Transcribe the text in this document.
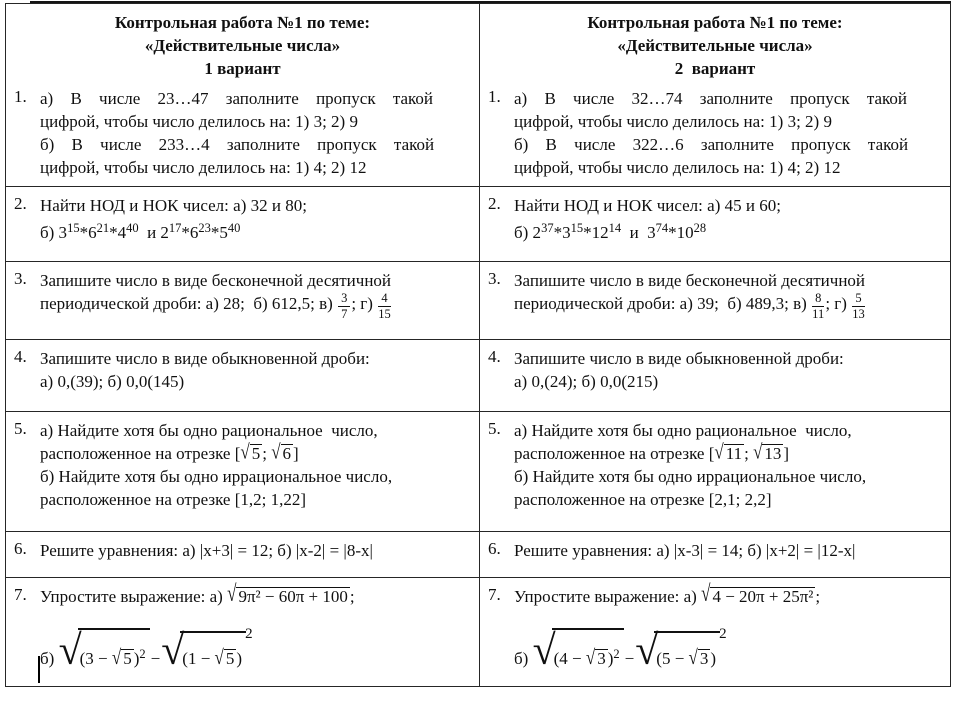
Контрольная работа №1 по теме:
«Действительные числа»
1 вариант
1. а) В числе 23…47 заполните пропуск такой
цифрой, чтобы число делилось на: 1) 3; 2) 9
б) В числе 233…4 заполните пропуск такой
цифрой, чтобы число делилось на: 1) 4; 2) 12
Контрольная работа №1 по теме:
«Действительные числа»
2  вариант
1. а) В числе 32…74 заполните пропуск такой
цифрой, чтобы число делилось на: 1) 3; 2) 9
б) В числе 322…6 заполните пропуск такой
цифрой, чтобы число делилось на: 1) 4; 2) 12
2. Найти НОД и НОК чисел: а) 32 и 80;
б) $3^{15}*6^{21}*4^{40}$  и $2^{17}*6^{23}*5^{40}$
2. Найти НОД и НОК чисел: а) 45 и 60;
б) $2^{37}*3^{15}*12^{14}$  и  $3^{74}*10^{28}$
3. Запишите число в виде бесконечной десятичной
периодической дроби: а) 28;  б) 612,5; $в) \frac{3}{7}$ ; $г) \frac{4}{15}$
3. Запишите число в виде бесконечной десятичной
периодической дроби: а) 39;  б) 489,3; $в) \frac{8}{11}$ ; $г) \frac{5}{13}$
4. Запишите число в виде обыкновенной дроби:
а) 0,(39); б) 0,0(145)
4. Запишите число в виде обыкновенной дроби:
а) 0,(24); б) 0,0(215)
5. а) Найдите хотя бы одно рациональное  число,
расположенное на отрезке [√ 5 ; √ 6 ]
б) Найдите хотя бы одно иррациональное число,
расположенное на отрезке [1,2; 1,22]
5. а) Найдите хотя бы одно рациональное  число,
расположенное на отрезке [√ 11 ; √ 13 ]
б) Найдите хотя бы одно иррациональное число,
расположенное на отрезке [2,1; 2,2]
6. Решите уравнения: а) |x+3| = 12; б) |x-2| = |8-x|	6. Решите уравнения: а) |x-3| = 14; б) |x+2| = |12-x|
7. Упростите выражение: а) √ 9π² − 60π + 100 ;
б) √(3 − √ 5 )$^2$ −√(1 − √ 5 )2
7. Упростите выражение: а) √ 4 − 20π + 25π² ;
б) √(4 − √ 3 )$^2$ −√(5 − √ 3 )2
